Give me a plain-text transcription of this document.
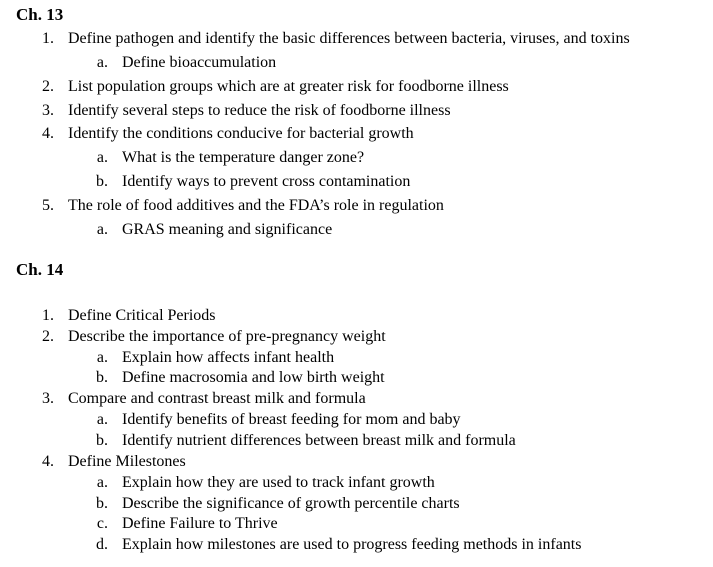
Ch. 13
1. Define pathogen and identify the basic differences between bacteria, viruses, and toxins
a. Define bioaccumulation
2. List population groups which are at greater risk for foodborne illness
3. Identify several steps to reduce the risk of foodborne illness
4. Identify the conditions conducive for bacterial growth
a. What is the temperature danger zone?
b. Identify ways to prevent cross contamination
5. The role of food additives and the FDA’s role in regulation
a. GRAS meaning and significance
Ch. 14
1. Define Critical Periods
2. Describe the importance of pre-pregnancy weight
a. Explain how affects infant health
b. Define macrosomia and low birth weight
3. Compare and contrast breast milk and formula
a. Identify benefits of breast feeding for mom and baby
b. Identify nutrient differences between breast milk and formula
4. Define Milestones
a. Explain how they are used to track infant growth
b. Describe the significance of growth percentile charts
c. Define Failure to Thrive
d. Explain how milestones are used to progress feeding methods in infants
